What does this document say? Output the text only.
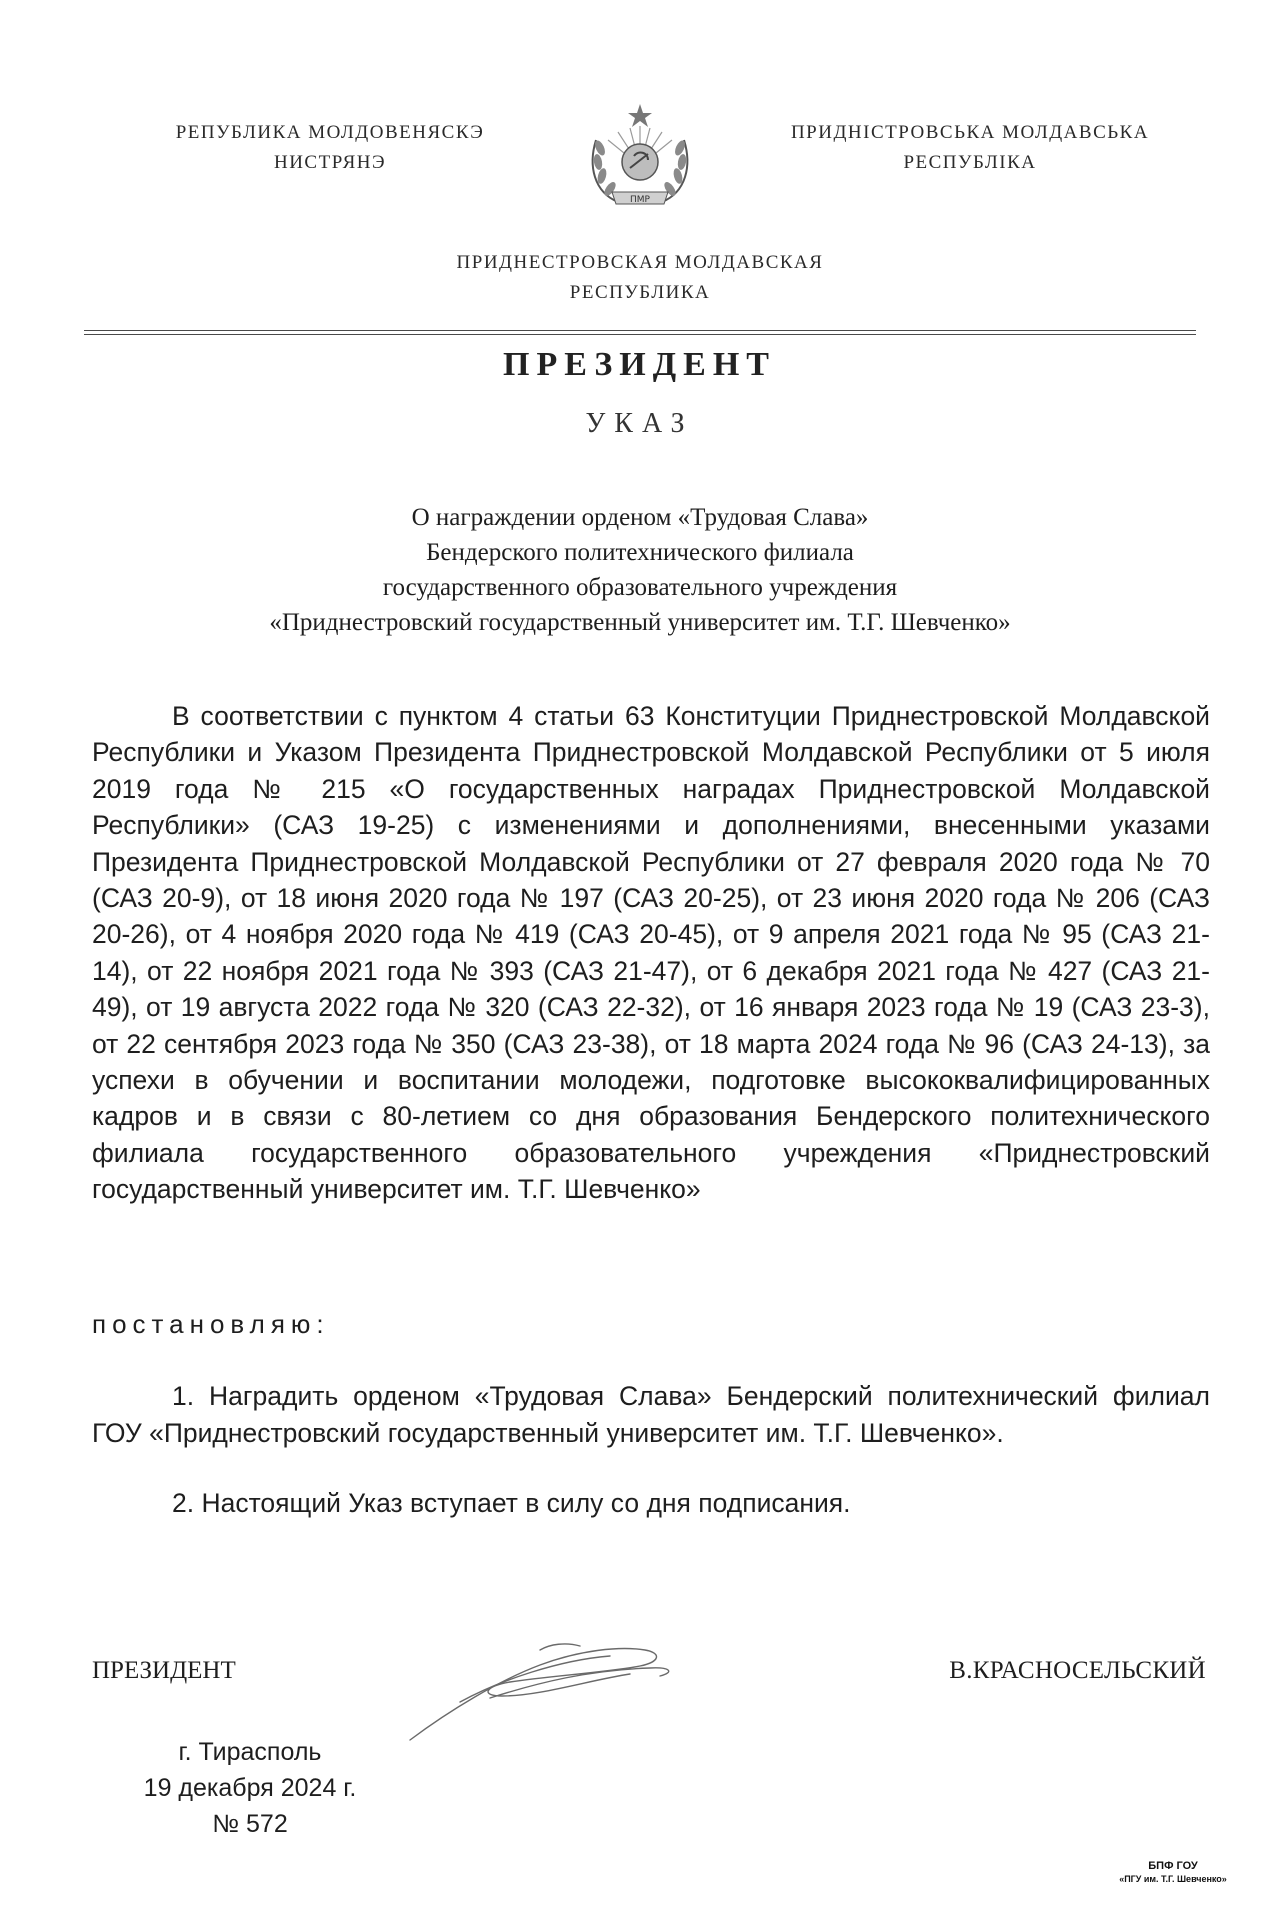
РЕПУБЛИКА МОЛДОВЕНЯСКЭ
НИСТРЯНЭ
ПМР
ПРИДНІСТРОВСЬКА МОЛДАВСЬКА
РЕСПУБЛІКА
ПРИДНЕСТРОВСКАЯ МОЛДАВСКАЯ
РЕСПУБЛИКА
ПРЕЗИДЕНТ
УКАЗ
О награждении орденом «Трудовая Слава»
Бендерского политехнического филиала
государственного образовательного учреждения
«Приднестровский государственный университет им. Т.Г. Шевченко»
В соответствии с пунктом 4 статьи 63 Конституции Приднестровской Молдавской Республики и Указом Президента Приднестровской Молдавской Республики от 5 июля 2019 года № 215 «О государственных наградах Приднестровской Молдавской Республики» (САЗ 19-25) с изменениями и дополнениями, внесенными указами Президента Приднестровской Молдавской Республики от 27 февраля 2020 года № 70 (САЗ 20-9), от 18 июня 2020 года № 197 (САЗ 20-25), от 23 июня 2020 года № 206 (САЗ 20-26), от 4 ноября 2020 года № 419 (САЗ 20-45), от 9 апреля 2021 года № 95 (САЗ 21-14), от 22 ноября 2021 года № 393 (САЗ 21-47), от 6 декабря 2021 года № 427 (САЗ 21-49), от 19 августа 2022 года № 320 (САЗ 22-32), от 16 января 2023 года № 19 (САЗ 23-3), от 22 сентября 2023 года № 350 (САЗ 23-38), от 18 марта 2024 года № 96 (САЗ 24-13), за успехи в обучении и воспитании молодежи, подготовке высококвалифицированных кадров и в связи с 80-летием со дня образования Бендерского политехнического филиала государственного образовательного учреждения «Приднестровский государственный университет им. Т.Г. Шевченко»
постановляю:
1. Наградить орденом «Трудовая Слава» Бендерский политехнический филиал ГОУ «Приднестровский государственный университет им. Т.Г. Шевченко».
2. Настоящий Указ вступает в силу со дня подписания.
ПРЕЗИДЕНТ	В.КРАСНОСЕЛЬСКИЙ
г. Тирасполь
19 декабря 2024 г.
№ 572
БПФ ГОУ
«ПГУ им. Т.Г. Шевченко»
